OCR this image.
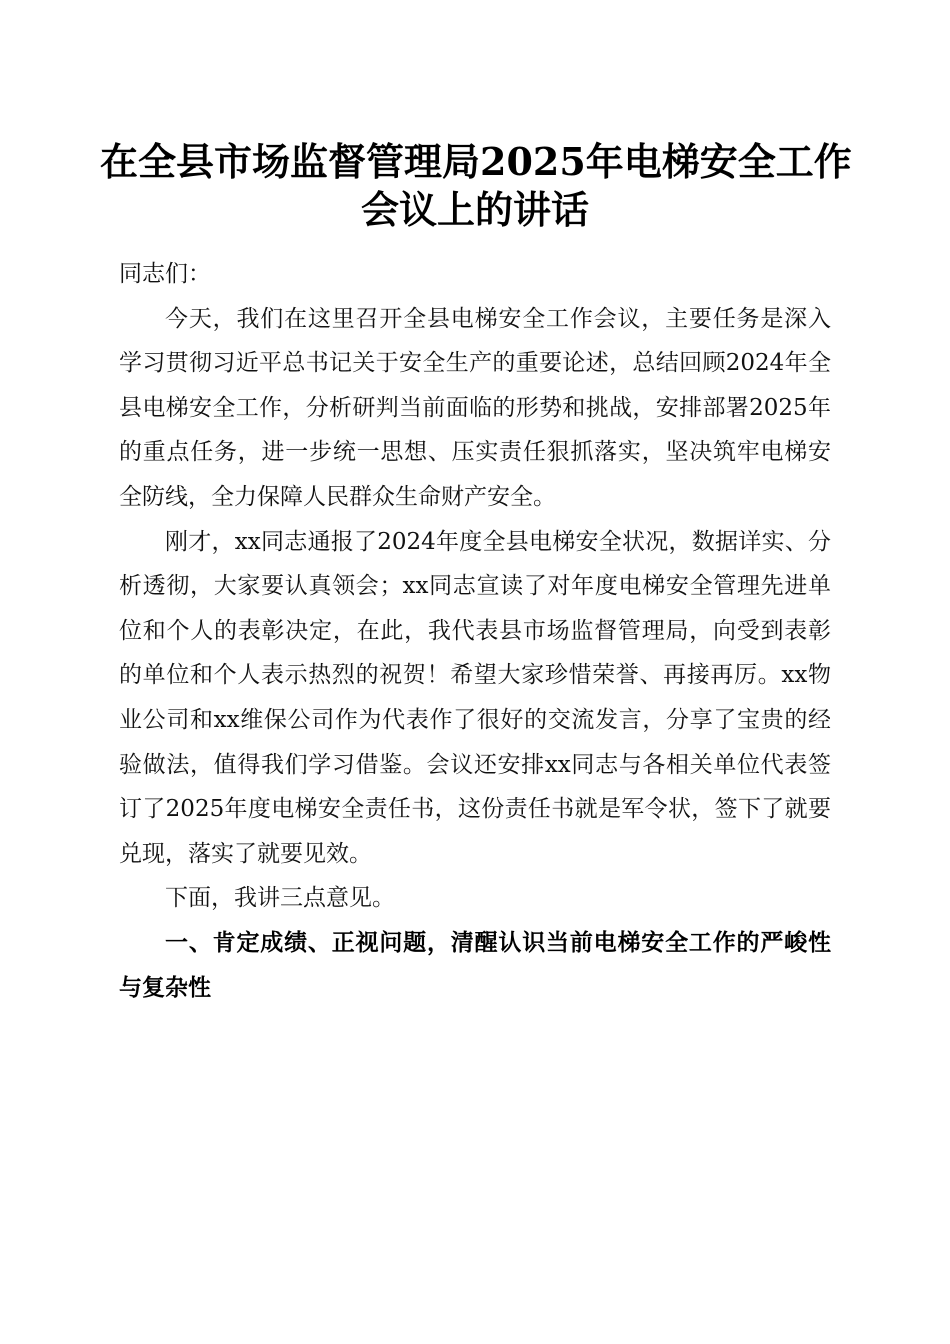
在全县市场监督管理局2025年电梯安全工作
会议上的讲话

同志们：

今天，我们在这里召开全县电梯安全工作会议，主要任务是深入学习贯彻习近平总书记关于安全生产的重要论述，总结回顾2024年全县电梯安全工作，分析研判当前面临的形势和挑战，安排部署2025年的重点任务，进一步统一思想、压实责任狠抓落实，坚决筑牢电梯安全防线，全力保障人民群众生命财产安全。

刚才，xx同志通报了2024年度全县电梯安全状况，数据详实、分析透彻，大家要认真领会；xx同志宣读了对年度电梯安全管理先进单位和个人的表彰决定，在此，我代表县市场监督管理局，向受到表彰的单位和个人表示热烈的祝贺！希望大家珍惜荣誉、再接再厉。xx物业公司和xx维保公司作为代表作了很好的交流发言，分享了宝贵的经验做法，值得我们学习借鉴。会议还安排xx同志与各相关单位代表签订了2025年度电梯安全责任书，这份责任书就是军令状，签下了就要兑现，落实了就要见效。

下面，我讲三点意见。

一、肯定成绩、正视问题，清醒认识当前电梯安全工作的严峻性与复杂性
